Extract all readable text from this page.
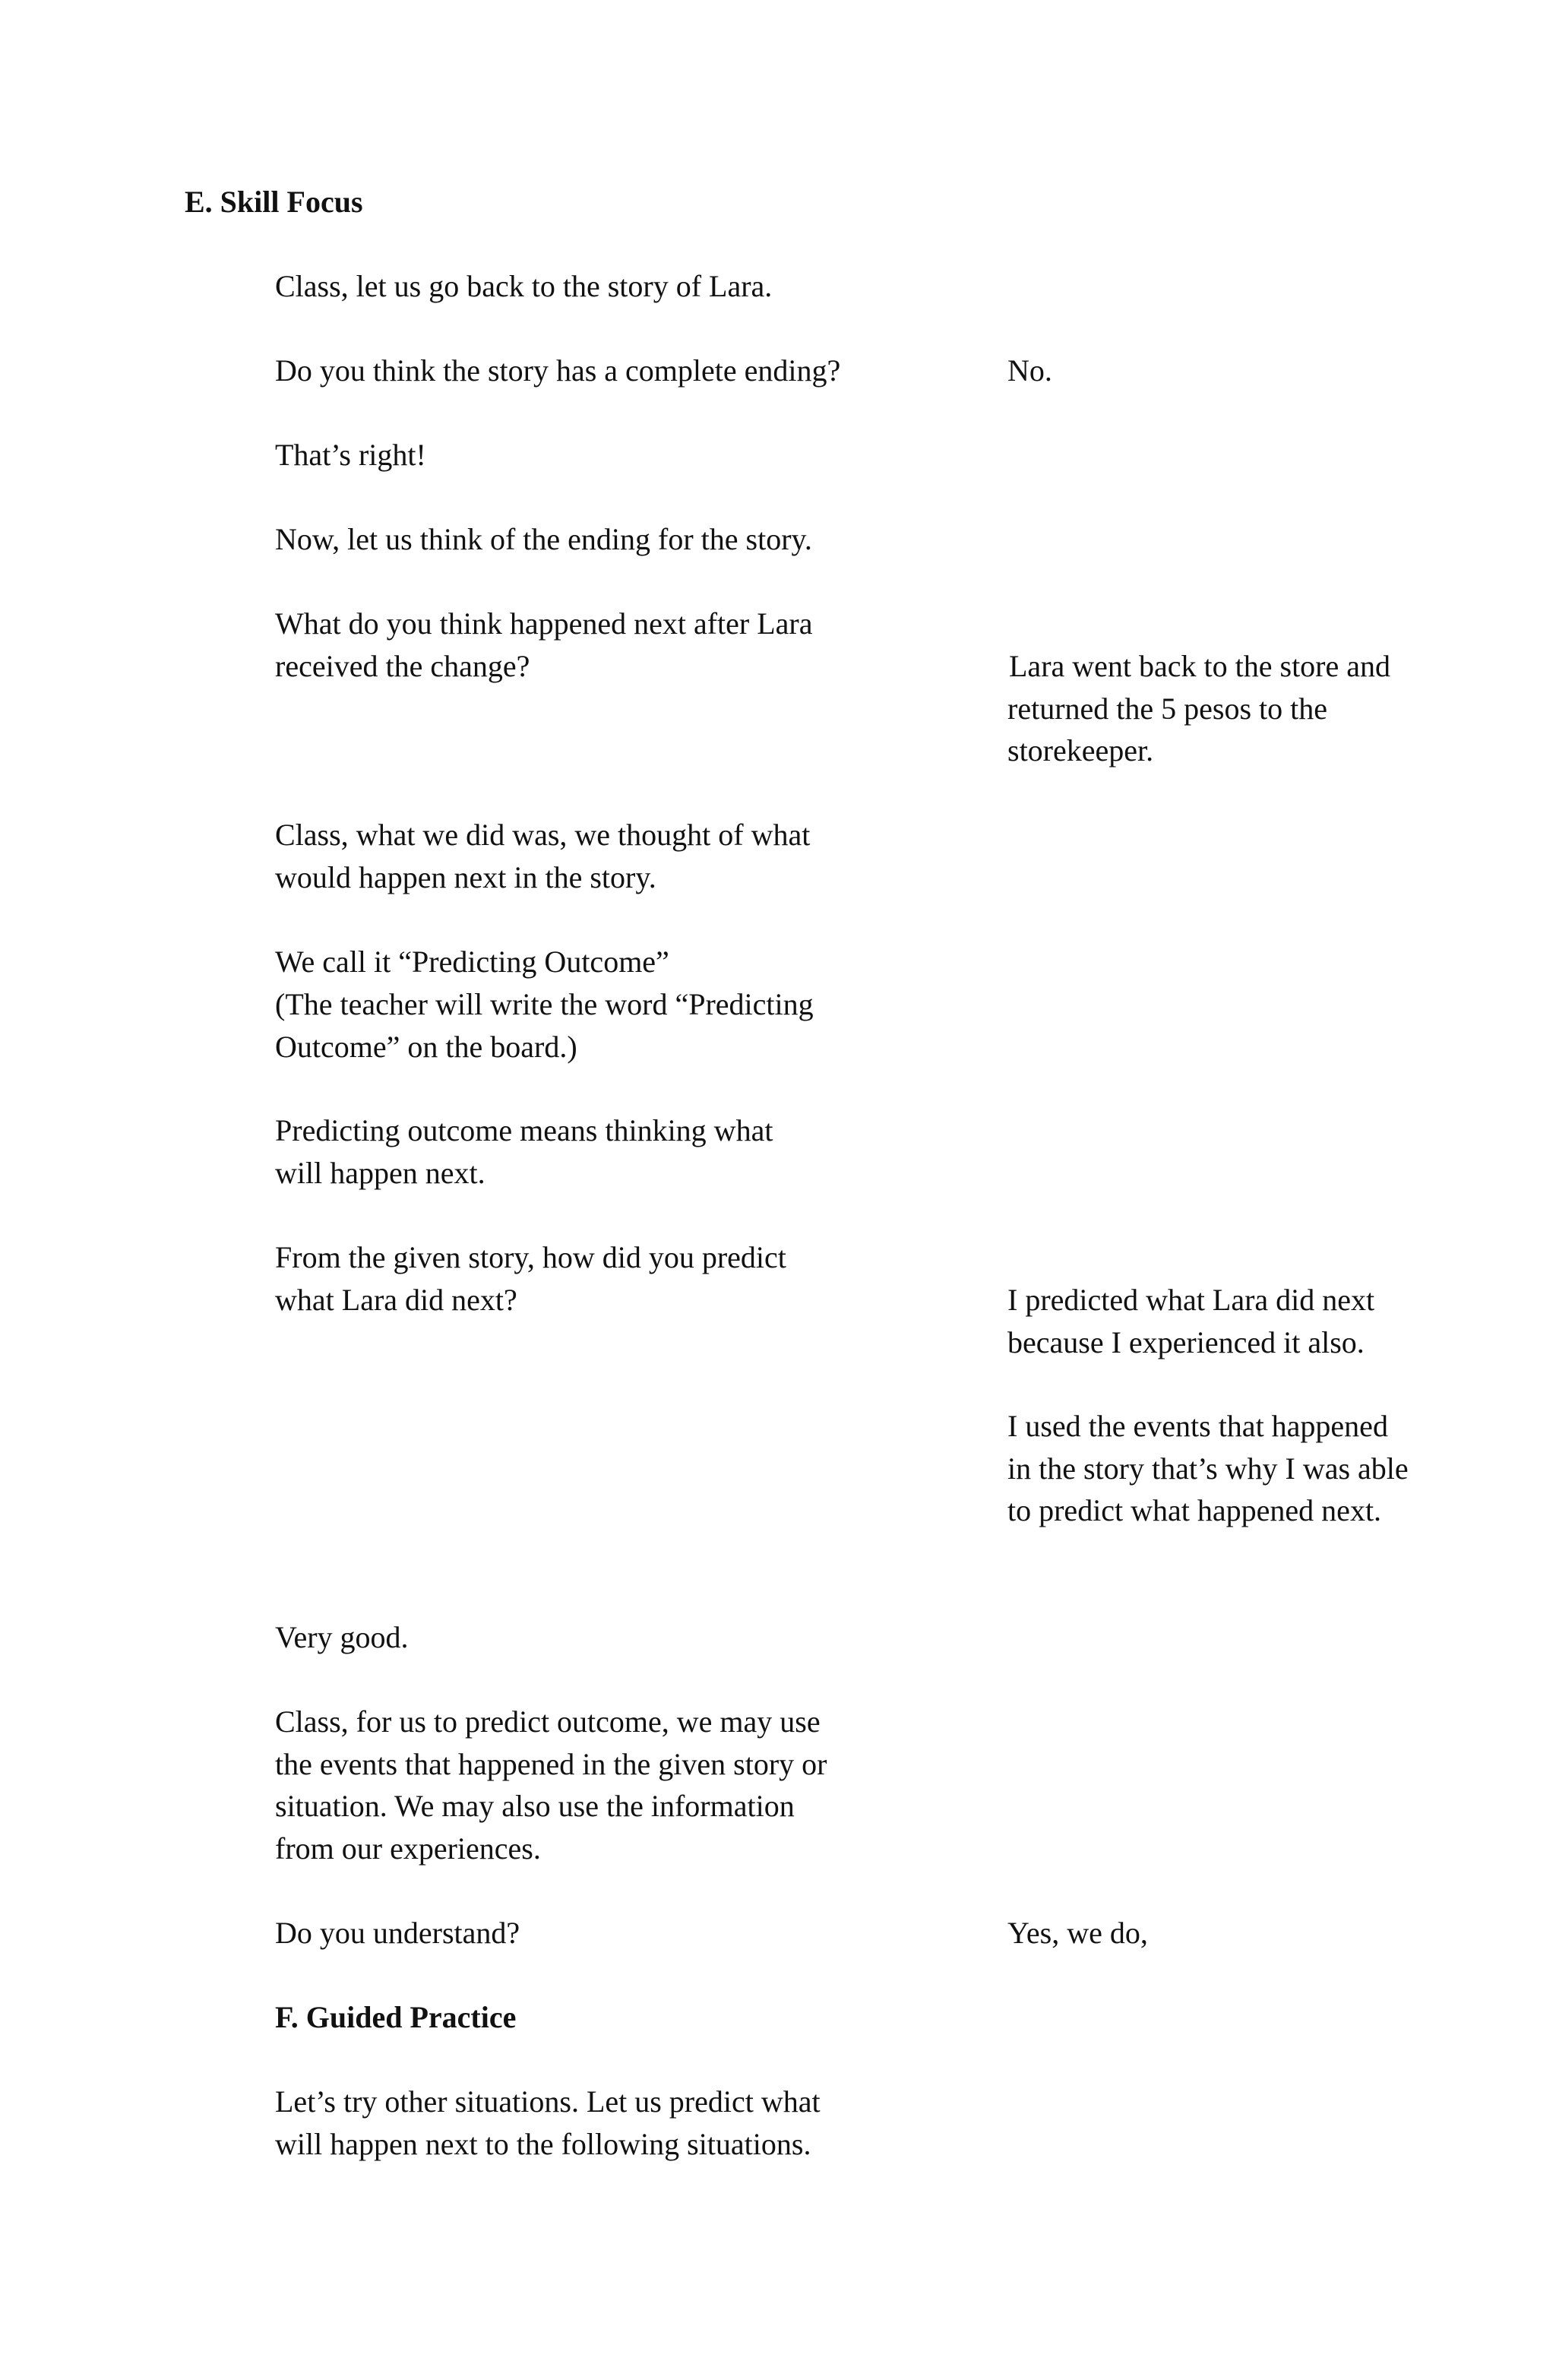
E. Skill Focus

Class, let us go back to the story of Lara.

Do you think the story has a complete ending?

That’s right!

Now, let us think of the ending for the story.

What do you think happened next after Lara

received the change?

Class, what we did was, we thought of what

would happen next in the story.

We call it “Predicting Outcome”

(The teacher will write the word “Predicting

Outcome” on the board.)

Predicting outcome means thinking what

will happen next.

From the given story, how did you predict

what Lara did next?

Very good.

Class, for us to predict outcome, we may use

the events that happened in the given story or

situation. We may also use the information

from our experiences.

Do you understand?

F. Guided Practice

Let’s try other situations. Let us predict what

will happen next to the following situations.

No.

Lara went back to the store and

returned the 5 pesos to the

storekeeper.

I predicted what Lara did next

because I experienced it also.

I used the events that happened

in the story that’s why I was able

to predict what happened next.

Yes, we do,
